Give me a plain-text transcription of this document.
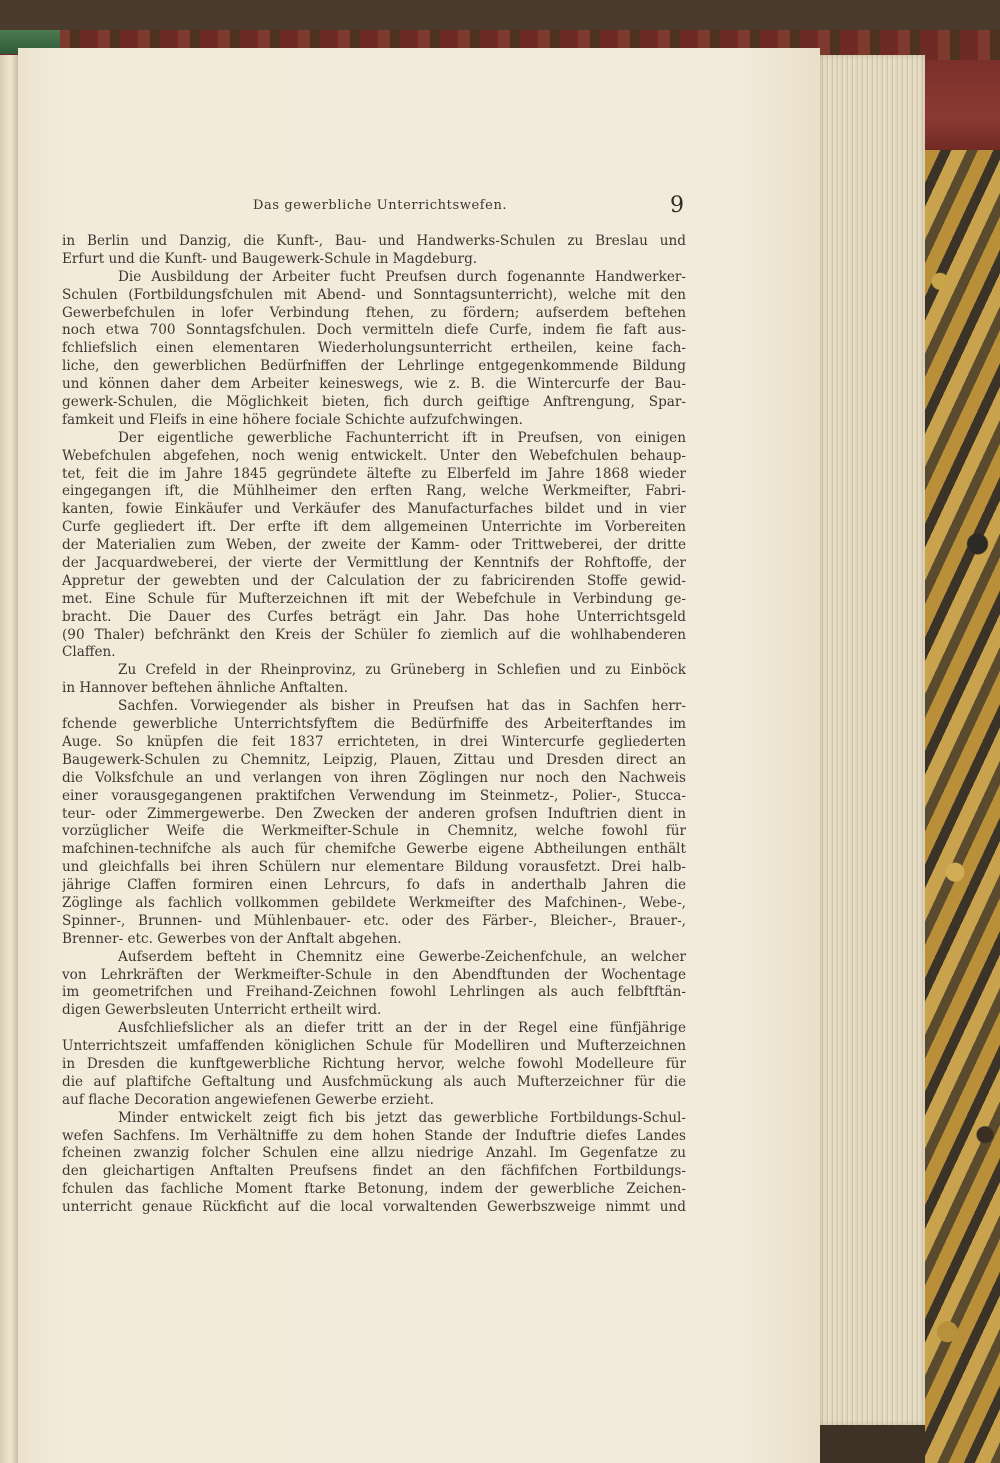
Das gewerbliche Unterrichtswefen.	9
in Berlin und Danzig, die Kunft-, Bau- und Handwerks-Schulen zu Breslau und
Erfurt und die Kunft- und Baugewerk-Schule in Magdeburg.
Die Ausbildung der Arbeiter fucht Preufsen durch fogenannte Handwerker-
Schulen (Fortbildungsfchulen mit Abend- und Sonntagsunterricht), welche mit den
Gewerbefchulen in lofer Verbindung ftehen, zu fördern; aufserdem beftehen
noch etwa 700 Sonntagsfchulen. Doch vermitteln diefe Curfe, indem fie faft aus-
fchliefslich einen elementaren Wiederholungsunterricht ertheilen, keine fach-
liche, den gewerblichen Bedürfniffen der Lehrlinge entgegenkommende Bildung
und können daher dem Arbeiter keineswegs, wie z. B. die Wintercurfe der Bau-
gewerk-Schulen, die Möglichkeit bieten, fich durch geiftige Anftrengung, Spar-
famkeit und Fleifs in eine höhere fociale Schichte aufzufchwingen.
Der eigentliche gewerbliche Fachunterricht ift in Preufsen, von einigen
Webefchulen abgefehen, noch wenig entwickelt. Unter den Webefchulen behaup-
tet, feit die im Jahre 1845 gegründete ältefte zu Elberfeld im Jahre 1868 wieder
eingegangen ift, die Mühlheimer den erften Rang, welche Werkmeifter, Fabri-
kanten, fowie Einkäufer und Verkäufer des Manufacturfaches bildet und in vier
Curfe gegliedert ift. Der erfte ift dem allgemeinen Unterrichte im Vorbereiten
der Materialien zum Weben, der zweite der Kamm- oder Trittweberei, der dritte
der Jacquardweberei, der vierte der Vermittlung der Kenntnifs der Rohftoffe, der
Appretur der gewebten und der Calculation der zu fabricirenden Stoffe gewid-
met. Eine Schule für Mufterzeichnen ift mit der Webefchule in Verbindung ge-
bracht. Die Dauer des Curfes beträgt ein Jahr. Das hohe Unterrichtsgeld
(90 Thaler) befchränkt den Kreis der Schüler fo ziemlich auf die wohlhabenderen
Claffen.
Zu Crefeld in der Rheinprovinz, zu Grüneberg in Schlefien und zu Einböck
in Hannover beftehen ähnliche Anftalten.
Sachfen. Vorwiegender als bisher in Preufsen hat das in Sachfen herr-
fchende gewerbliche Unterrichtsfyftem die Bedürfniffe des Arbeiterftandes im
Auge. So knüpfen die feit 1837 errichteten, in drei Wintercurfe gegliederten
Baugewerk-Schulen zu Chemnitz, Leipzig, Plauen, Zittau und Dresden direct an
die Volksfchule an und verlangen von ihren Zöglingen nur noch den Nachweis
einer vorausgegangenen praktifchen Verwendung im Steinmetz-, Polier-, Stucca-
teur- oder Zimmergewerbe. Den Zwecken der anderen grofsen Induftrien dient in
vorzüglicher Weife die Werkmeifter-Schule in Chemnitz, welche fowohl für
mafchinen-technifche als auch für chemifche Gewerbe eigene Abtheilungen enthält
und gleichfalls bei ihren Schülern nur elementare Bildung vorausfetzt. Drei halb-
jährige Claffen formiren einen Lehrcurs, fo dafs in anderthalb Jahren die
Zöglinge als fachlich vollkommen gebildete Werkmeifter des Mafchinen-, Webe-,
Spinner-, Brunnen- und Mühlenbauer- etc. oder des Färber-, Bleicher-, Brauer-,
Brenner- etc. Gewerbes von der Anftalt abgehen.
Aufserdem befteht in Chemnitz eine Gewerbe-Zeichenfchule, an welcher
von Lehrkräften der Werkmeifter-Schule in den Abendftunden der Wochentage
im geometrifchen und Freihand-Zeichnen fowohl Lehrlingen als auch felbftftän-
digen Gewerbsleuten Unterricht ertheilt wird.
Ausfchliefslicher als an diefer tritt an der in der Regel eine fünfjährige
Unterrichtszeit umfaffenden königlichen Schule für Modelliren und Mufterzeichnen
in Dresden die kunftgewerbliche Richtung hervor, welche fowohl Modelleure für
die auf plaftifche Geftaltung und Ausfchmückung als auch Mufterzeichner für die
auf flache Decoration angewiefenen Gewerbe erzieht.
Minder entwickelt zeigt fich bis jetzt das gewerbliche Fortbildungs-Schul-
wefen Sachfens. Im Verhältniffe zu dem hohen Stande der Induftrie diefes Landes
fcheinen zwanzig folcher Schulen eine allzu niedrige Anzahl. Im Gegenfatze zu
den gleichartigen Anftalten Preufsens findet an den fächfifchen Fortbildungs-
fchulen das fachliche Moment ftarke Betonung, indem der gewerbliche Zeichen-
unterricht genaue Rückficht auf die local vorwaltenden Gewerbszweige nimmt und
